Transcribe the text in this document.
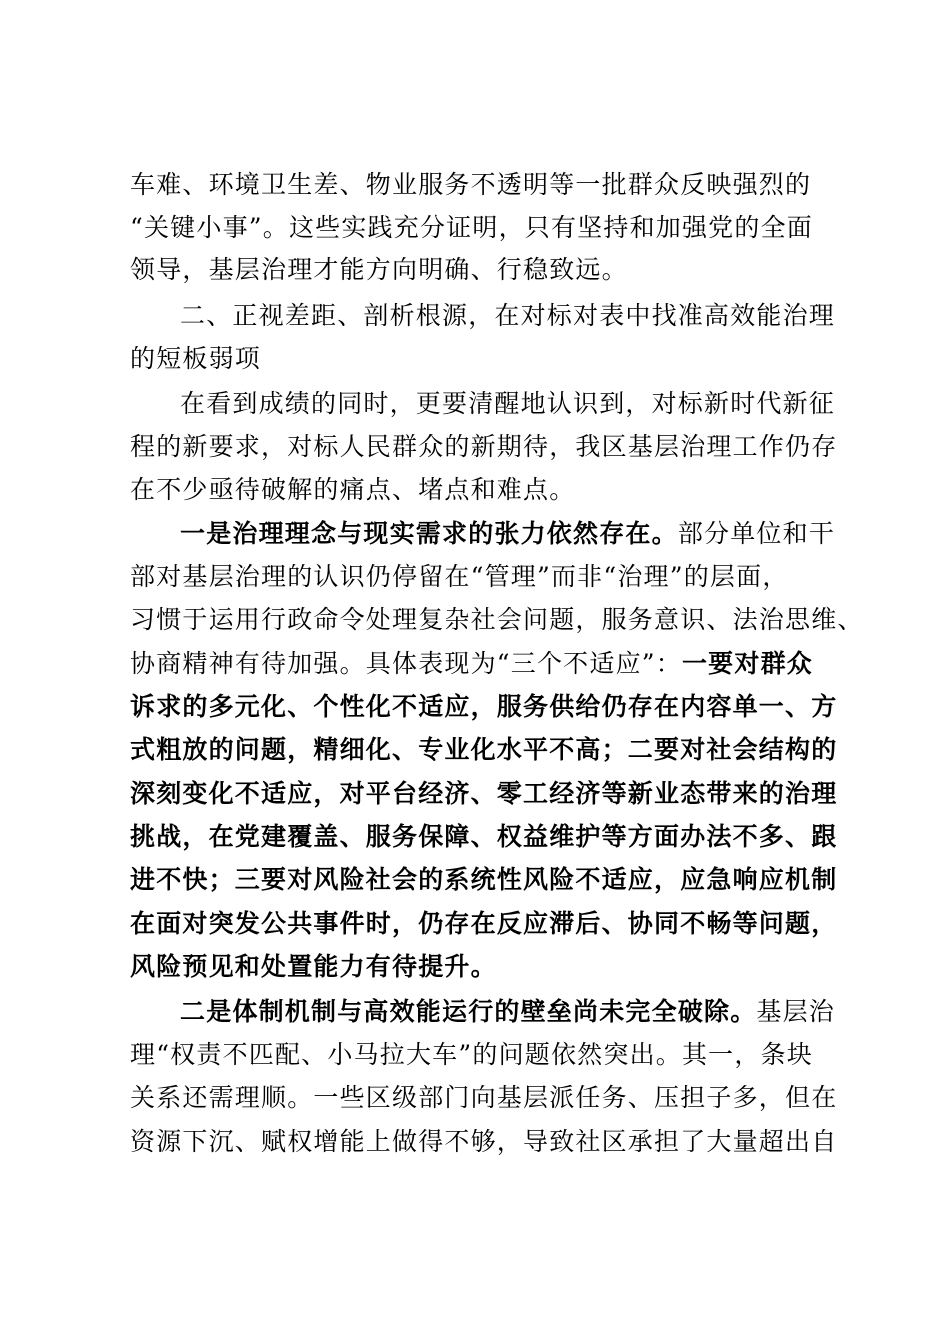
车难、环境卫生差、物业服务不透明等一批群众反映强烈的
“关键小事”。这些实践充分证明，只有坚持和加强党的全面
领导，基层治理才能方向明确、行稳致远。
二、正视差距、剖析根源，在对标对表中找准高效能治理
的短板弱项
在看到成绩的同时，更要清醒地认识到，对标新时代新征
程的新要求，对标人民群众的新期待，我区基层治理工作仍存
在不少亟待破解的痛点、堵点和难点。
一是治理理念与现实需求的张力依然存在。部分单位和干
部对基层治理的认识仍停留在“管理”而非“治理”的层面，
习惯于运用行政命令处理复杂社会问题，服务意识、法治思维、
协商精神有待加强。具体表现为“三个不适应”：一要对群众
诉求的多元化、个性化不适应，服务供给仍存在内容单一、方
式粗放的问题，精细化、专业化水平不高；二要对社会结构的
深刻变化不适应，对平台经济、零工经济等新业态带来的治理
挑战，在党建覆盖、服务保障、权益维护等方面办法不多、跟
进不快；三要对风险社会的系统性风险不适应，应急响应机制
在面对突发公共事件时，仍存在反应滞后、协同不畅等问题，
风险预见和处置能力有待提升。
二是体制机制与高效能运行的壁垒尚未完全破除。基层治
理“权责不匹配、小马拉大车”的问题依然突出。其一，条块
关系还需理顺。一些区级部门向基层派任务、压担子多，但在
资源下沉、赋权增能上做得不够，导致社区承担了大量超出自
